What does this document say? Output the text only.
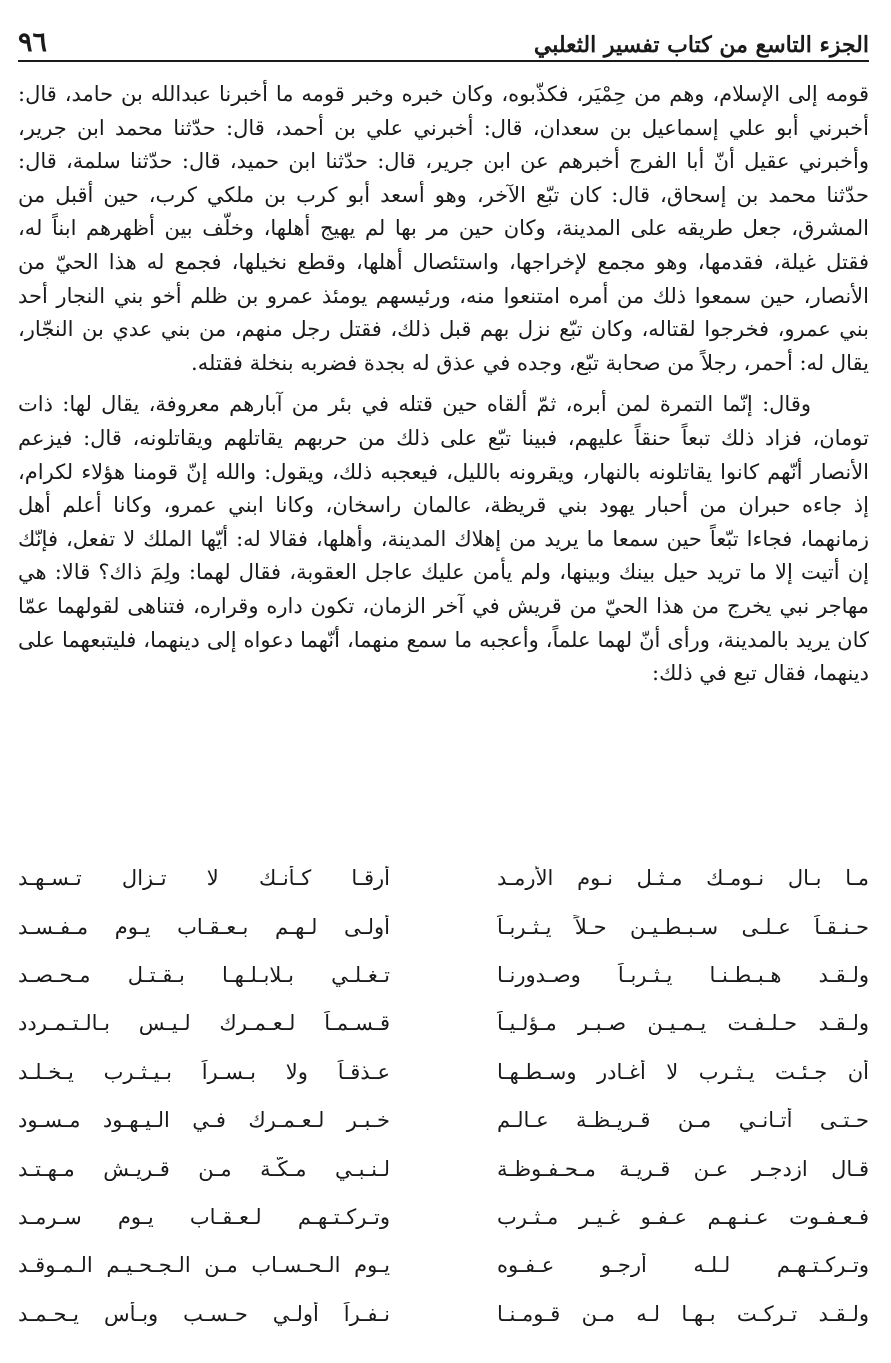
الجزء التاسع من كتاب تفسير الثعلبي
٩٦

قومه إلى الإسلام، وهم من حِمْيَر، فكذّبوه، وكان خبره وخبر قومه ما أخبرنا عبدالله بن حامد، قال: أخبرني أبو علي إسماعيل بن سعدان، قال: أخبرني علي بن أحمد، قال: حدّثنا محمد ابن جرير، وأخبرني عقيل أنّ أبا الفرج أخبرهم عن ابن جرير، قال: حدّثنا ابن حميد، قال: حدّثنا سلمة، قال: حدّثنا محمد بن إسحاق، قال: كان تبّع الآخر، وهو أسعد أبو كرب بن ملكي كرب، حين أقبل من المشرق، جعل طريقه على المدينة، وكان حين مر بها لم يهيج أهلها، وخلّف بين أظهرهم ابناً له، فقتل غيلة، فقدمها، وهو مجمع لإخراجها، واستئصال أهلها، وقطع نخيلها، فجمع له هذا الحيّ من الأنصار، حين سمعوا ذلك من أمره امتنعوا منه، ورئيسهم يومئذ عمرو بن ظلم أخو بني النجار أحد بني عمرو، فخرجوا لقتاله، وكان تبّع نزل بهم قبل ذلك، فقتل رجل منهم، من بني عدي بن النجّار، يقال له: أحمر، رجلاً من صحابة تبّع، وجده في عذق له بجدة فضربه بنخلة فقتله.

وقال: إنّما التمرة لمن أبره، ثمّ ألقاه حين قتله في بئر من آبارهم معروفة، يقال لها: ذات تومان، فزاد ذلك تبعاً حنقاً عليهم، فبينا تبّع على ذلك من حربهم يقاتلهم ويقاتلونه، قال: فيزعم الأنصار أنّهم كانوا يقاتلونه بالنهار، ويقرونه بالليل، فيعجبه ذلك، ويقول: والله إنّ قومنا هؤلاء لكرام، إذ جاءه حبران من أحبار يهود بني قريظة، عالمان راسخان، وكانا ابني عمرو، وكانا أعلم أهل زمانهما، فجاءا تبّعاً حين سمعا ما يريد من إهلاك المدينة، وأهلها، فقالا له: أيّها الملك لا تفعل، فإنّك إن أتيت إلا ما تريد حيل بينك وبينها، ولم يأمن عليك عاجل العقوبة، فقال لهما: ولِمَ ذاك؟ قالا: هي مهاجر نبي يخرج من هذا الحيّ من قريش في آخر الزمان، تكون داره وقراره، فتناهى لقولهما عمّا كان يريد بالمدينة، ورأى أنّ لهما علماً، وأعجبه ما سمع منهما، أنّهما دعواه إلى دينهما، فليتبعهما على دينهما، فقال تبع في ذلك:

مـا بـال نـومـك مـثـل نـوم الأرمـد
أرقـا كـأنـك لا تـزال تـسـهـد
حـنـقـاً عـلـى سـبـطـيـن حـلاً يـثـربـاً
أولـى لـهـم بـعـقـاب يـوم مـفـسـد
ولـقـد هـبـطـنـا يـثـربـاً وصـدورنـا
تـغـلـي بـلابـلـهـا بـقـتـل مـحـصـد
ولـقـد حـلـفـت يـمـيـن صـبـر مـؤلـيـاً
قـسـمـاً لـعـمـرك لـيـس بـالـتـمـردد
أن جـئـت يـثـرب لا أغـادر وسـطـهـا
عـذقـاً ولا بـسـراً بـيـثـرب يـخـلـد
حـتـى أتـانـي مـن قـريـظـة عـالـم
خـبـر لـعـمـرك فـي الـيـهـود مـسـود
قـال ازدجـر عـن قـريـة مـحـفـوظـة
لـنـبـي مـكّـة مـن قـريـش مـهـتـد
فـعـفـوت عـنـهـم عـفـو غـيـر مـثـرب
وتـركـتـهـم لـعـقـاب يـوم سـرمـد
وتـركـتـهـم لـلـه أرجـو عـفـوه
يـوم الـحـسـاب مـن الـجـحـيـم الـمـوقـد
ولـقـد تـركـت بـهـا لـه مـن قـومـنـا
نـفـراً أُولـي حـسـب وبـأس يـحـمـد
